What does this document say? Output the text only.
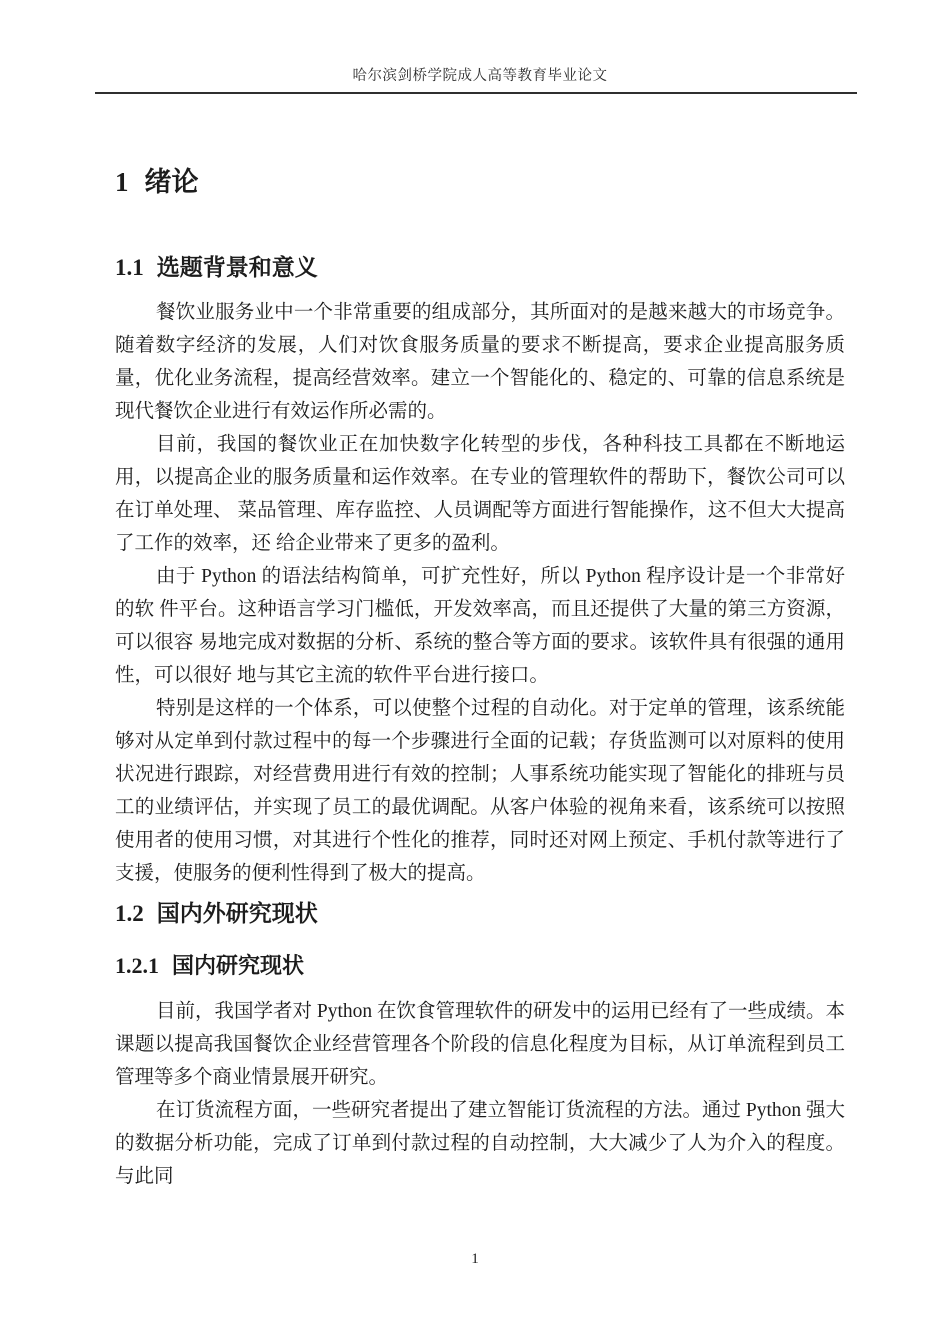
哈尔滨剑桥学院成人高等教育毕业论文
1 绪论
1.1 选题背景和意义

餐饮业服务业中一个非常重要的组成部分，其所面对的是越来越大的市场竞争。随着数字经济的发展，人们对饮食服务质量的要求不断提高，要求企业提高服务质量，优化业务流程，提高经营效率。建立一个智能化的、稳定的、可靠的信息系统是现代餐饮企业进行有效运作所必需的。

目前，我国的餐饮业正在加快数字化转型的步伐，各种科技工具都在不断地运用，以提高企业的服务质量和运作效率。在专业的管理软件的帮助下，餐饮公司可以在订单处理、 菜品管理、库存监控、人员调配等方面进行智能操作，这不但大大提高了工作的效率，还 给企业带来了更多的盈利。

由于 Python 的语法结构简单，可扩充性好，所以 Python 程序设计是一个非常好的软 件平台。这种语言学习门槛低，开发效率高，而且还提供了大量的第三方资源，可以很容 易地完成对数据的分析、系统的整合等方面的要求。该软件具有很强的通用性，可以很好 地与其它主流的软件平台进行接口。

特别是这样的一个体系，可以使整个过程的自动化。对于定单的管理，该系统能够对从定单到付款过程中的每一个步骤进行全面的记载；存货监测可以对原料的使用状况进行跟踪，对经营费用进行有效的控制；人事系统功能实现了智能化的排班与员工的业绩评估，并实现了员工的最优调配。从客户体验的视角来看，该系统可以按照使用者的使用习惯，对其进行个性化的推荐，同时还对网上预定、手机付款等进行了支援，使服务的便利性得到了极大的提高。

1.2 国内外研究现状
1.2.1 国内研究现状

目前，我国学者对 Python 在饮食管理软件的研发中的运用已经有了一些成绩。本课题以提高我国餐饮企业经营管理各个阶段的信息化程度为目标，从订单流程到员工管理等多个商业情景展开研究。

在订货流程方面，一些研究者提出了建立智能订货流程的方法。通过 Python 强大的数据分析功能，完成了订单到付款过程的自动控制，大大减少了人为介入的程度。与此同

1
